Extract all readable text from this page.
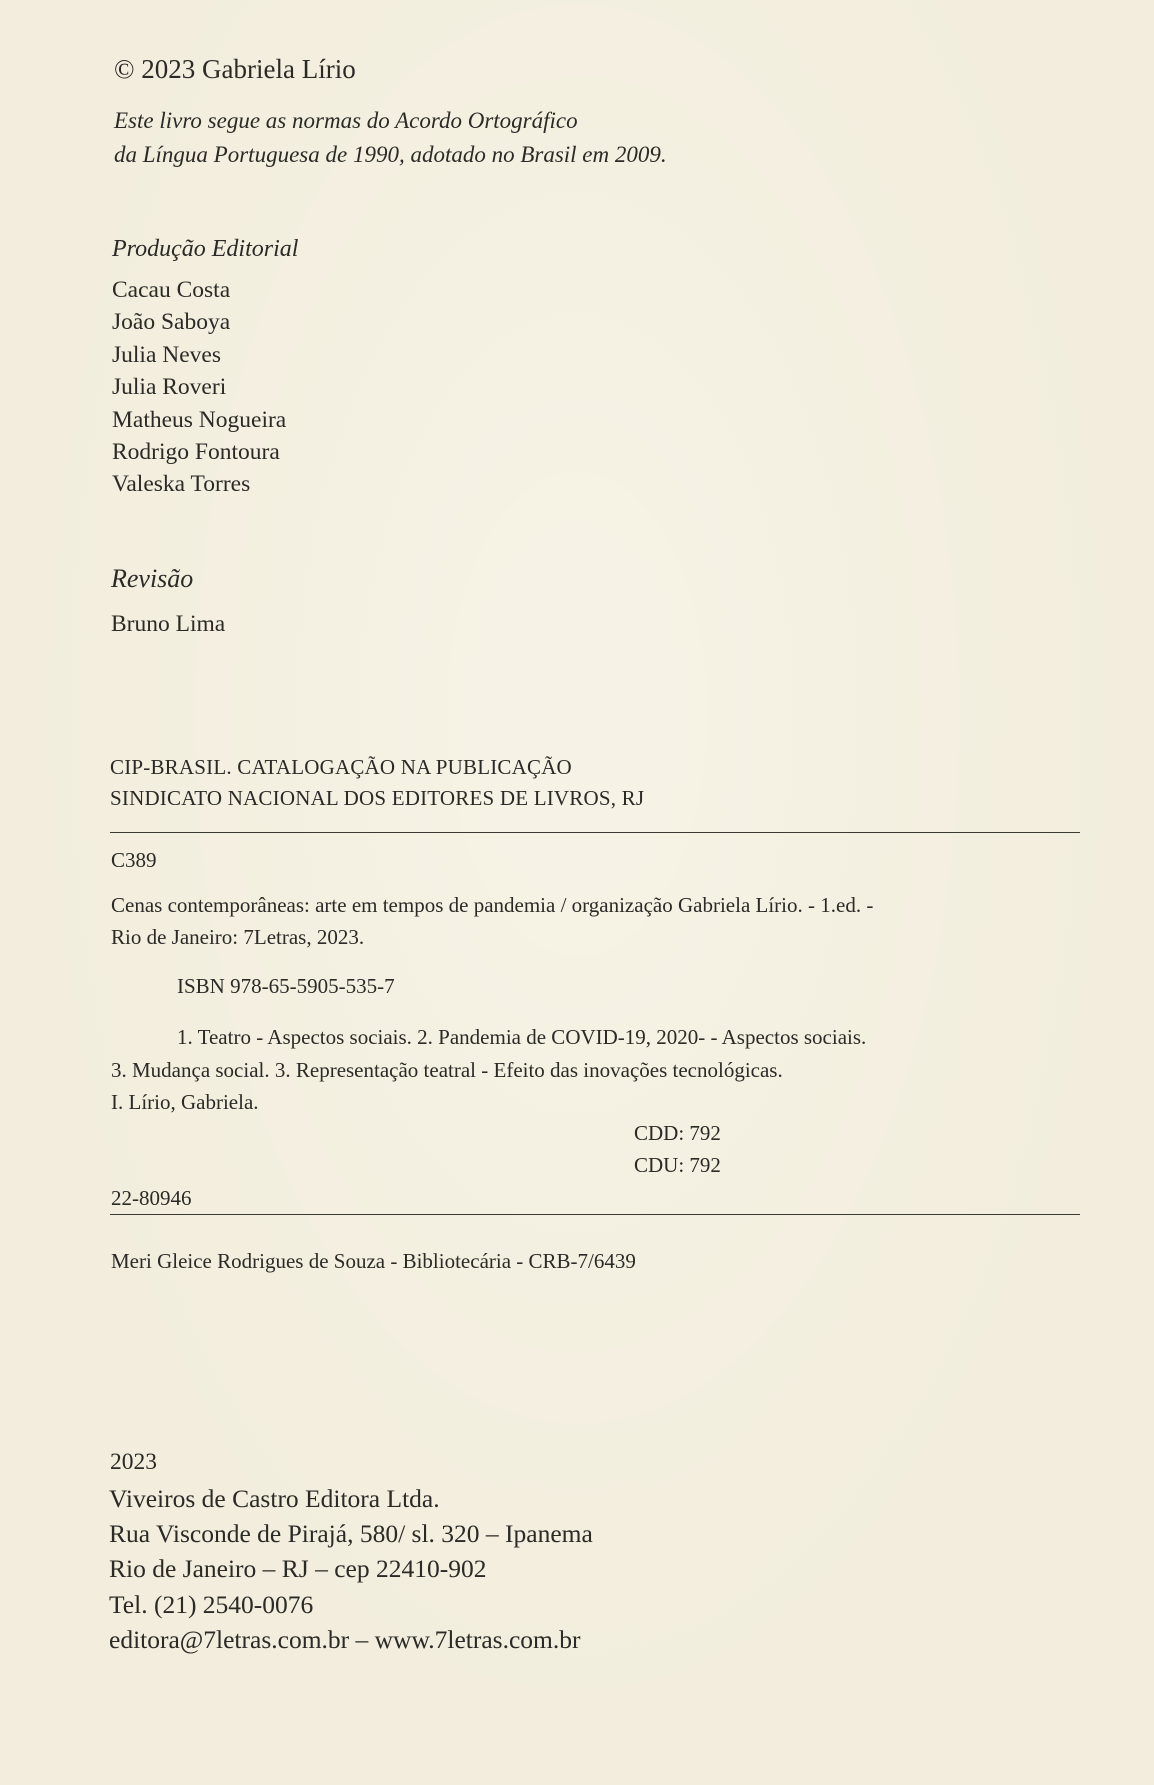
© 2023 Gabriela Lírio
Este livro segue as normas do Acordo Ortográfico
da Língua Portuguesa de 1990, adotado no Brasil em 2009.
Produção Editorial
Cacau Costa
João Saboya
Julia Neves
Julia Roveri
Matheus Nogueira
Rodrigo Fontoura
Valeska Torres
Revisão
Bruno Lima
CIP-BRASIL. CATALOGAÇÃO NA PUBLICAÇÃO
SINDICATO NACIONAL DOS EDITORES DE LIVROS, RJ
C389
Cenas contemporâneas: arte em tempos de pandemia / organização Gabriela Lírio. - 1.ed. -
Rio de Janeiro: 7Letras, 2023.
ISBN 978-65-5905-535-7
1. Teatro - Aspectos sociais. 2. Pandemia de COVID-19, 2020- - Aspectos sociais.
3. Mudança social. 3. Representação teatral - Efeito das inovações tecnológicas.
I. Lírio, Gabriela.
CDD: 792
CDU: 792
22-80946
Meri Gleice Rodrigues de Souza - Bibliotecária - CRB-7/6439
2023
Viveiros de Castro Editora Ltda.
Rua Visconde de Pirajá, 580/ sl. 320 – Ipanema
Rio de Janeiro – RJ – cep 22410-902
Tel. (21) 2540-0076
editora@7letras.com.br – www.7letras.com.br
